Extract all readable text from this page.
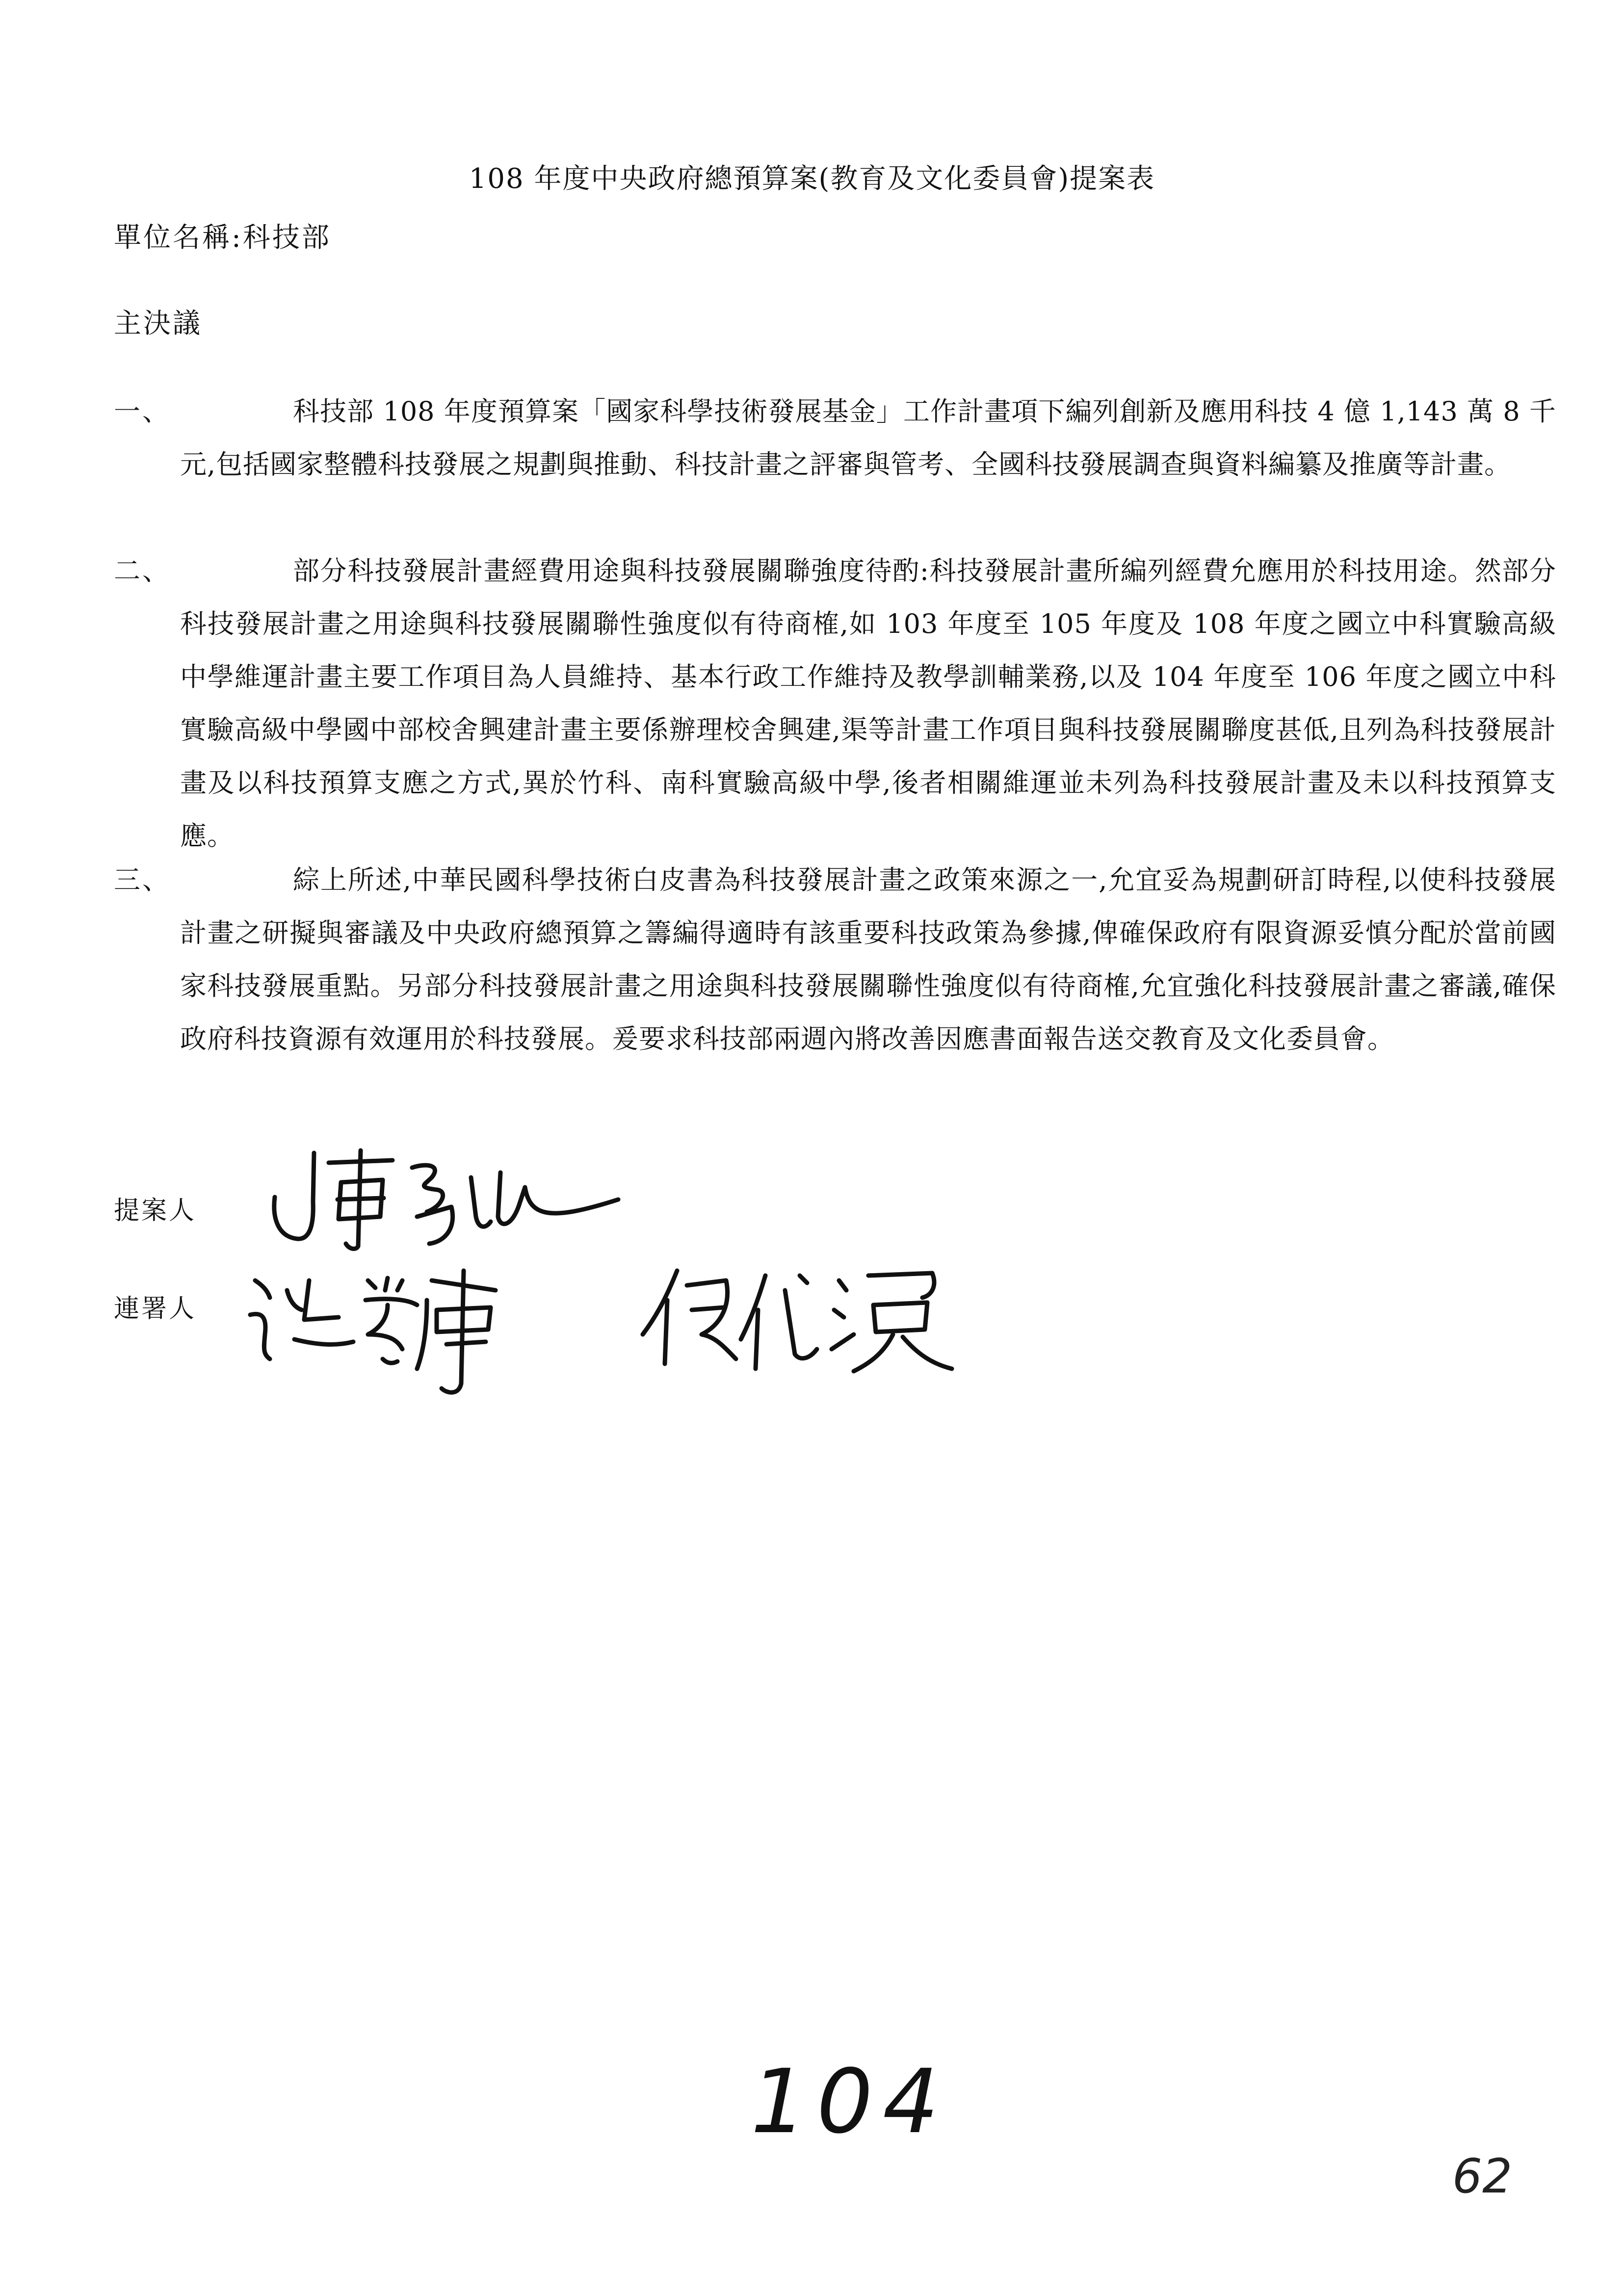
108 年度中央政府總預算案(教育及文化委員會)提案表
單位名稱:科技部
主決議
一、	科技部 108 年度預算案「國家科學技術發展基金」工作計畫項下編列創新及應用科技 4 億 1,143 萬 8 千元,包括國家整體科技發展之規劃與推動、科技計畫之評審與管考、全國科技發展調查與資料編纂及推廣等計畫。
二、	部分科技發展計畫經費用途與科技發展關聯強度待酌:科技發展計畫所編列經費允應用於科技用途。然部分科技發展計畫之用途與科技發展關聯性強度似有待商榷,如 103 年度至 105 年度及 108 年度之國立中科實驗高級中學維運計畫主要工作項目為人員維持、基本行政工作維持及教學訓輔業務,以及 104 年度至 106 年度之國立中科實驗高級中學國中部校舍興建計畫主要係辦理校舍興建,渠等計畫工作項目與科技發展關聯度甚低,且列為科技發展計畫及以科技預算支應之方式,異於竹科、南科實驗高級中學,後者相關維運並未列為科技發展計畫及未以科技預算支應。
三、	綜上所述,中華民國科學技術白皮書為科技發展計畫之政策來源之一,允宜妥為規劃研訂時程,以使科技發展計畫之研擬與審議及中央政府總預算之籌編得適時有該重要科技政策為參據,俾確保政府有限資源妥慎分配於當前國家科技發展重點。另部分科技發展計畫之用途與科技發展關聯性強度似有待商榷,允宜強化科技發展計畫之審議,確保政府科技資源有效運用於科技發展。爰要求科技部兩週內將改善因應書面報告送交教育及文化委員會。
提案人
連署人
104
62
